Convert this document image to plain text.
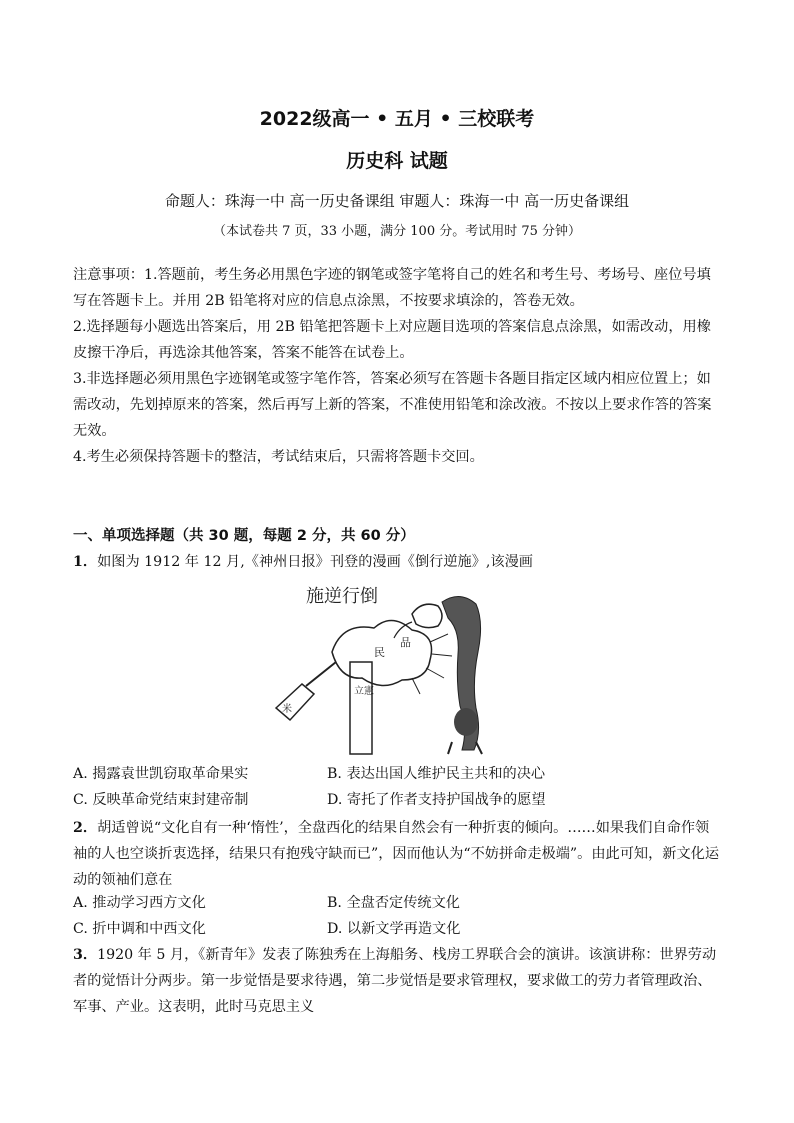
2022级高一 • 五月 • 三校联考
历史科 试题
命题人：珠海一中 高一历史备课组 审题人：珠海一中 高一历史备课组
（本试卷共 7 页，33 小题，满分 100 分。考试用时 75 分钟）

注意事项：1.答题前，考生务必用黑色字迹的钢笔或签字笔将自己的姓名和考生号、考场号、座位号填写在答题卡上。并用 2B 铅笔将对应的信息点涂黑，不按要求填涂的，答卷无效。

2.选择题每小题选出答案后，用 2B 铅笔把答题卡上对应题目选项的答案信息点涂黑，如需改动，用橡皮擦干净后，再选涂其他答案，答案不能答在试卷上。

3.非选择题必须用黑色字迹钢笔或签字笔作答，答案必须写在答题卡各题目指定区域内相应位置上；如需改动，先划掉原来的答案，然后再写上新的答案，不准使用铅笔和涂改液。不按以上要求作答的答案无效。

4.考生必须保持答题卡的整洁，考试结束后，只需将答题卡交回。

一、单项选择题（共 30 题，每题 2 分，共 60 分）

1．如图为 1912 年 12 月,《神州日报》刊登的漫画《倒行逆施》,该漫画

施逆行倒
立憲
民
品
米
A. 揭露袁世凯窃取革命果实	B. 表达出国人维护民主共和的决心
C. 反映革命党结束封建帝制	D. 寄托了作者支持护国战争的愿望

2．胡适曾说“文化自有一种‘惰性’，全盘西化的结果自然会有一种折衷的倾向。……如果我们自命作领袖的人也空谈折衷选择，结果只有抱残守缺而已”，因而他认为“不妨拼命走极端”。由此可知，新文化运动的领袖们意在

A. 推动学习西方文化	B. 全盘否定传统文化
C. 折中调和中西文化	D. 以新文学再造文化

3．1920 年 5 月，《新青年》发表了陈独秀在上海船务、栈房工界联合会的演讲。该演讲称：世界劳动者的觉悟计分两步。第一步觉悟是要求待遇，第二步觉悟是要求管理权，要求做工的劳力者管理政治、军事、产业。这表明，此时马克思主义
